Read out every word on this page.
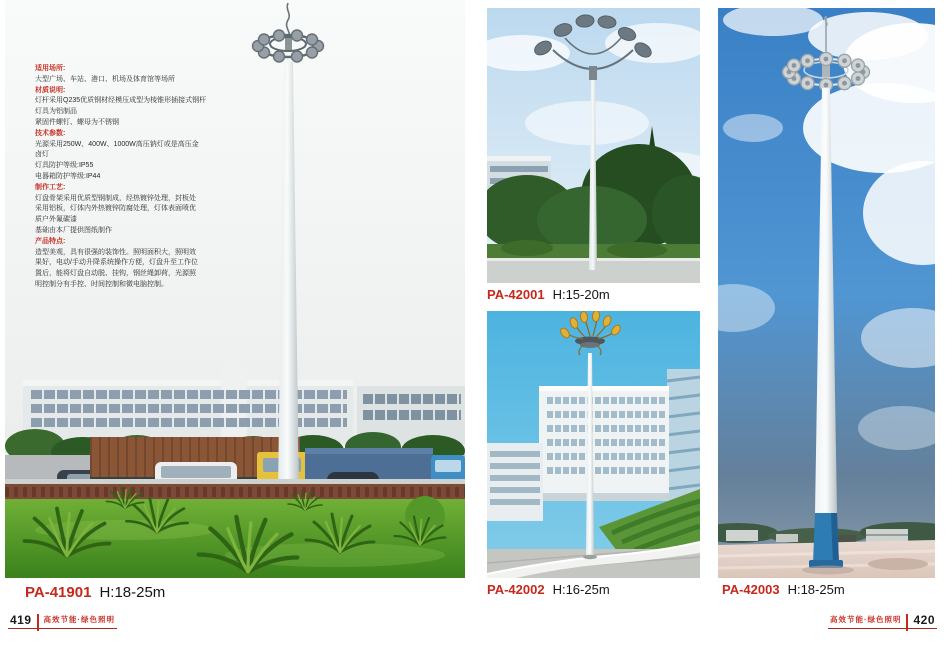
适用场所:
大型广场、车站、港口、机场及体育馆等场所
材质说明:
灯杆采用Q235优质钢材经模压成型为棱锥形插接式钢杆
灯具为铝制品
紧固件螺钉、螺母为不锈钢
技术参数:
光源采用250W、400W、1000W高压钠灯或是高压金
卤灯
灯具防护等级:IP55
电器箱防护等级:IP44
制作工艺:
灯盘骨架采用优质型钢制成，经热镀锌处理，封板处
采用铝板，灯体内外热镀锌防腐处理，灯体表面喷优
质户外氟碳漆
基础由本厂提供图纸制作
产品特点:
造型美观，具有很强的装饰性。照明面积大，照明效
果好，电动/手动升降系统操作方便，灯盘升至工作位
置后，能将灯盘自动脱、挂钩，钢丝绳卸荷，光源照
明控制分有手控、时间控制和微电脑控制。
PA-41901 H:18-25m
419 高效节能·绿色照明
PA-42001 H:15-20m
PA-42002 H:16-25m	PA-42003 H:18-25m
高效节能·绿色照明 420
